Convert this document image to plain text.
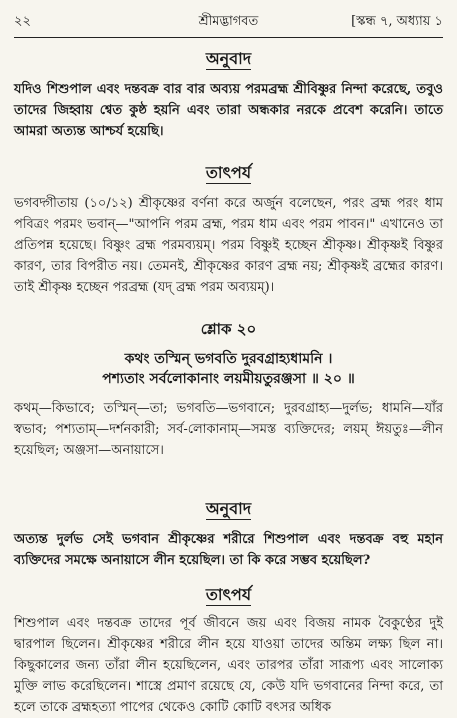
২২	শ্রীমদ্ভাগবত	[স্কন্ধ ৭, অধ্যায় ১

অনুবাদ

যদিও শিশুপাল এবং দন্তবক্র বার বার অব্যয় পরমব্রহ্ম শ্রীবিষ্ণুর নিন্দা করেছে, তবুও তাদের জিহ্বায় শ্বেত কুষ্ঠ হয়নি এবং তারা অন্ধকার নরকে প্রবেশ করেনি। তাতে আমরা অত্যন্ত আশ্চর্য হয়েছি।

তাৎপর্য

ভগবদ্গীতায় (১০/১২) শ্রীকৃষ্ণের বর্ণনা করে অর্জুন বলেছেন, পরং ব্রহ্ম পরং ধাম পবিত্রং পরমং ভবান্—"আপনি পরম ব্রহ্ম, পরম ধাম এবং পরম পাবন।" এখানেও তা প্রতিপন্ন হয়েছে। বিষ্ণুং ব্রহ্ম পরমব্যয়ম্। পরম বিষ্ণুই হচ্ছেন শ্রীকৃষ্ণ। শ্রীকৃষ্ণই বিষ্ণুর কারণ, তার বিপরীত নয়। তেমনই, শ্রীকৃষ্ণের কারণ ব্রহ্ম নয়; শ্রীকৃষ্ণই ব্রহ্মের কারণ। তাই শ্রীকৃষ্ণ হচ্ছেন পরব্রহ্ম (যদ্ ব্রহ্ম পরম অব্যয়ম্)।

শ্লোক ২০

কথং তস্মিন্ ভগবতি দুরবগ্রাহ্যধামনি ।

পশ্যতাং সর্বলোকানাং লয়মীয়তুরঞ্জসা ॥ ২০ ॥

কথম্—কিভাবে; তস্মিন্—তা; ভগবতি—ভগবানে; দুরবগ্রাহ্য—দুর্লভ; ধামনি—যাঁর স্বভাব; পশ্যতাম্—দর্শনকারী; সর্ব-লোকানাম্—সমস্ত ব্যক্তিদের; লয়ম্ ঈয়তুঃ—লীন হয়েছিল; অঞ্জসা—অনায়াসে।

অনুবাদ

অত্যন্ত দুর্লভ সেই ভগবান শ্রীকৃষ্ণের শরীরে শিশুপাল এবং দন্তবক্র বহু মহান ব্যক্তিদের সমক্ষে অনায়াসে লীন হয়েছিল। তা কি করে সম্ভব হয়েছিল?

তাৎপর্য

শিশুপাল এবং দন্তবক্র তাদের পূর্ব জীবনে জয় এবং বিজয় নামক বৈকুণ্ঠের দুই দ্বারপাল ছিলেন। শ্রীকৃষ্ণের শরীরে লীন হয়ে যাওয়া তাদের অন্তিম লক্ষ্য ছিল না। কিছুকালের জন্য তাঁরা লীন হয়েছিলেন, এবং তারপর তাঁরা সারূপ্য এবং সালোক্য মুক্তি লাভ করেছিলেন। শাস্ত্রে প্রমাণ রয়েছে যে, কেউ যদি ভগবানের নিন্দা করে, তা হলে তাকে ব্রহ্মহত্যা পাপের থেকেও কোটি কোটি বৎসর অধিক
